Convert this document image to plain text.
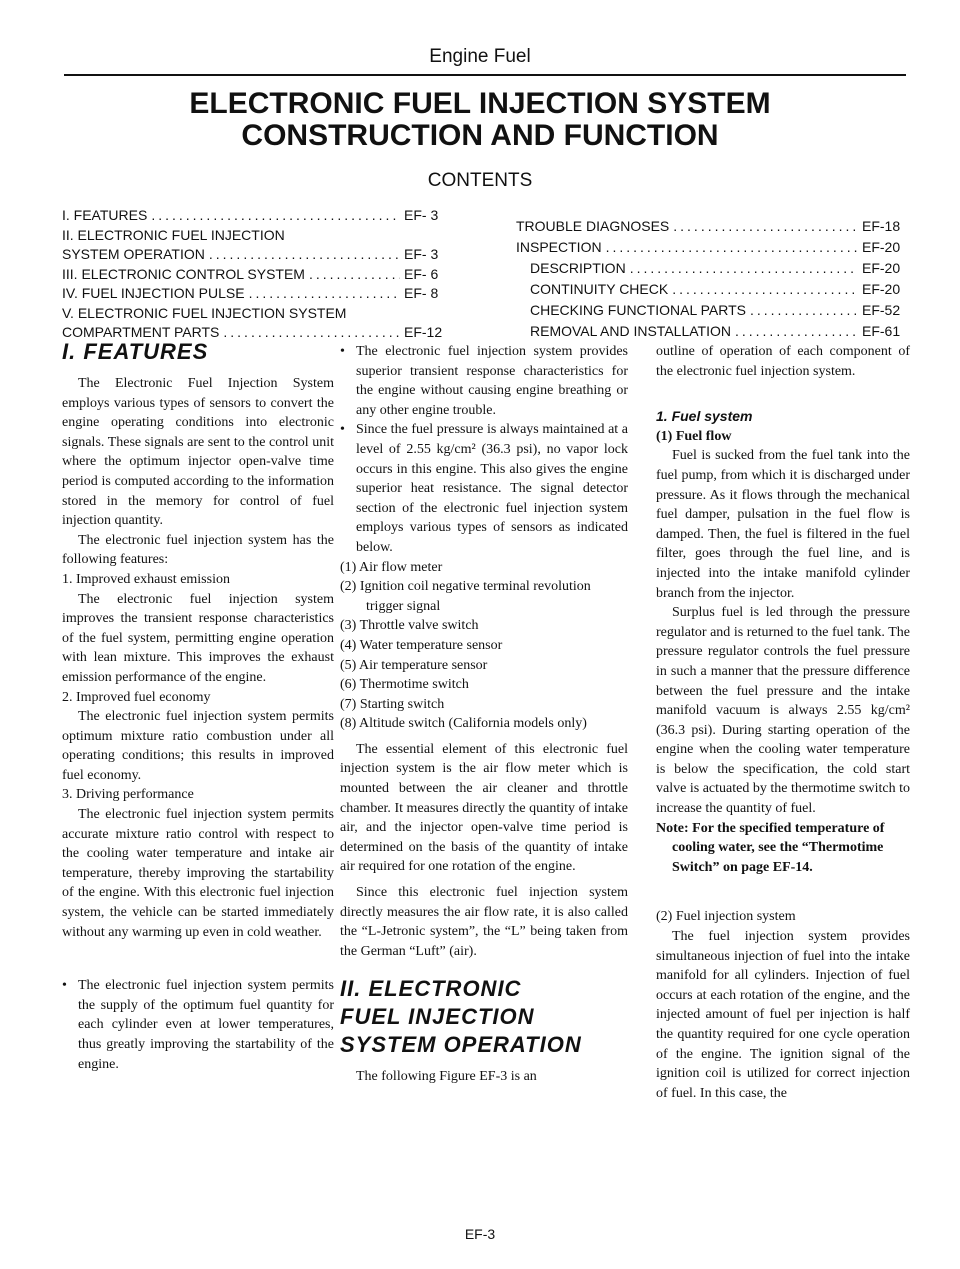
Engine Fuel
ELECTRONIC FUEL INJECTION SYSTEM
CONSTRUCTION AND FUNCTION
CONTENTS
I. FEATURES .....	EF- 3
II. ELECTRONIC FUEL INJECTION
SYSTEM OPERATION .....	EF- 3
III. ELECTRONIC CONTROL SYSTEM .....	EF- 6
IV. FUEL INJECTION PULSE .....	EF- 8
V. ELECTRONIC FUEL INJECTION SYSTEM
COMPARTMENT PARTS .....	EF-12
TROUBLE DIAGNOSES .....	EF-18
INSPECTION .....	EF-20
DESCRIPTION .....	EF-20
CONTINUITY CHECK .....	EF-20
CHECKING FUNCTIONAL PARTS .....	EF-52
REMOVAL AND INSTALLATION .....	EF-61
I. FEATURES

The Electronic Fuel Injection System employs various types of sensors to convert the engine operating conditions into electronic signals. These signals are sent to the control unit where the optimum injector open-valve time period is computed according to the information stored in the memory for control of fuel injection quantity.

The electronic fuel injection system has the following features:

1. Improved exhaust emission

The electronic fuel injection system improves the transient response characteristics of the fuel system, permitting engine operation with lean mixture. This improves the exhaust emission performance of the engine.

2. Improved fuel economy

The electronic fuel injection system permits optimum mixture ratio combustion under all operating conditions; this results in improved fuel economy.

3. Driving performance

The electronic fuel injection system permits accurate mixture ratio control with respect to the cooling water temperature and intake air temperature, thereby improving the startability of the engine. With this electronic fuel injection system, the vehicle can be started immediately without any warming up even in cold weather.

• The electronic fuel injection system permits the supply of the optimum fuel quantity for each cylinder even at lower temperatures, thus greatly improving the startability of the engine.

• The electronic fuel injection system provides superior transient response characteristics for the engine without causing engine breathing or any other engine trouble.

• Since the fuel pressure is always maintained at a level of 2.55 kg/cm² (36.3 psi), no vapor lock occurs in this engine. This also gives the engine superior heat resistance. The signal detector section of the electronic fuel injection system employs various types of sensors as indicated below.

(1) Air flow meter

(2) Ignition coil negative terminal revolution trigger signal

(3) Throttle valve switch

(4) Water temperature sensor

(5) Air temperature sensor

(6) Thermotime switch

(7) Starting switch

(8) Altitude switch (California models only)

The essential element of this electronic fuel injection system is the air flow meter which is mounted between the air cleaner and throttle chamber. It measures directly the quantity of intake air, and the injector open-valve time period is determined on the basis of the quantity of intake air required for one rotation of the engine.

Since this electronic fuel injection system directly measures the air flow rate, it is also called the “L-Jetronic system”, the “L” being taken from the German “Luft” (air).

II. ELECTRONIC
FUEL INJECTION
SYSTEM OPERATION

The following Figure EF-3 is an

outline of operation of each component of the electronic fuel injection system.

1. Fuel system

(1) Fuel flow

Fuel is sucked from the fuel tank into the fuel pump, from which it is discharged under pressure. As it flows through the mechanical fuel damper, pulsation in the fuel flow is damped. Then, the fuel is filtered in the fuel filter, goes through the fuel line, and is injected into the intake manifold cylinder branch from the injector.

Surplus fuel is led through the pressure regulator and is returned to the fuel tank. The pressure regulator controls the fuel pressure in such a manner that the pressure difference between the fuel pressure and the intake manifold vacuum is always 2.55 kg/cm² (36.3 psi). During starting operation of the engine when the cooling water temperature is below the specification, the cold start valve is actuated by the thermotime switch to increase the quantity of fuel.

Note: For the specified temperature of cooling water, see the “Thermotime Switch” on page EF-14.

(2) Fuel injection system

The fuel injection system provides simultaneous injection of fuel into the intake manifold for all cylinders. Injection of fuel occurs at each rotation of the engine, and the injected amount of fuel per injection is half the quantity required for one cycle operation of the engine. The ignition signal of the ignition coil is utilized for correct injection of fuel. In this case, the

EF-3
